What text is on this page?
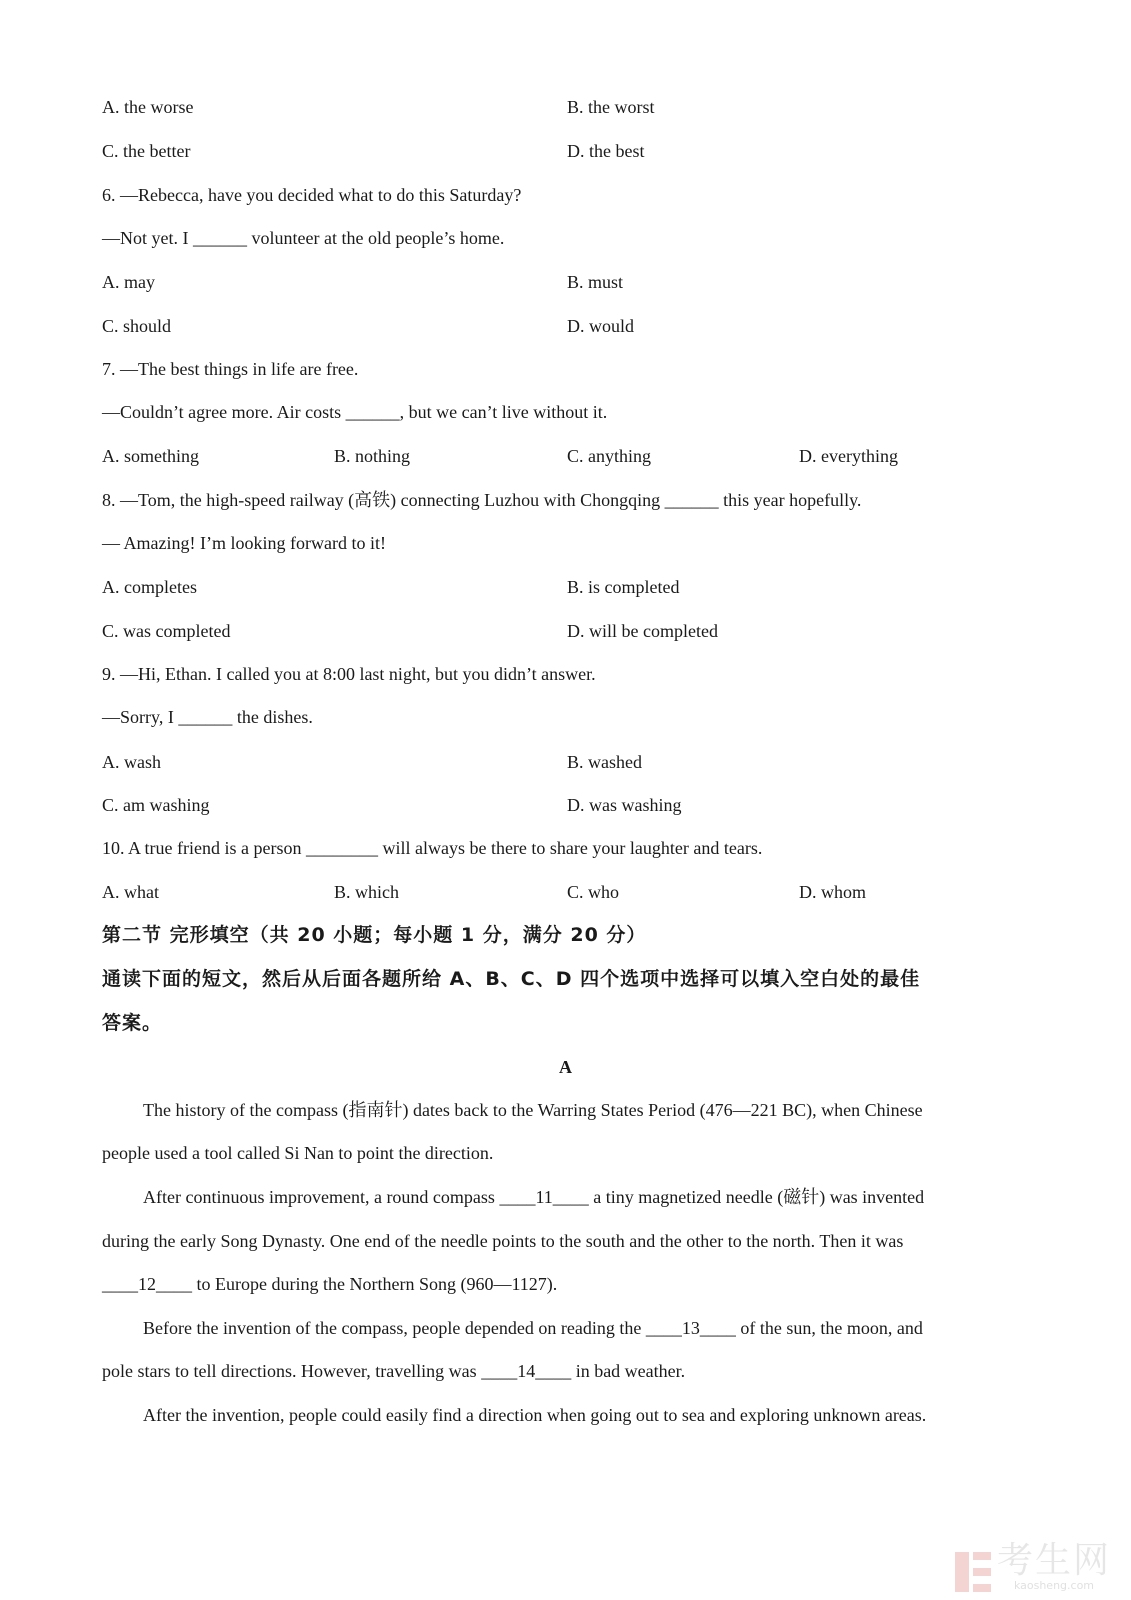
A. the worse	B. the worst
C. the better	D. the best
6. —Rebecca, have you decided what to do this Saturday?
—Not yet. I ______ volunteer at the old people’s home.
A. may	B. must
C. should	D. would
7. —The best things in life are free.
—Couldn’t agree more. Air costs ______, but we can’t live without it.
A. something	B. nothing	C. anything	D. everything
8. —Tom, the high-speed railway (高铁) connecting Luzhou with Chongqing ______ this year hopefully.
— Amazing! I’m looking forward to it!
A. completes	B. is completed
C. was completed	D. will be completed
9. —Hi, Ethan. I called you at 8:00 last night, but you didn’t answer.
—Sorry, I ______ the dishes.
A. wash	B. washed
C. am washing	D. was washing
10. A true friend is a person ________ will always be there to share your laughter and tears.
A. what	B. which	C. who	D. whom
第二节 完形填空（共 20 小题；每小题 1 分，满分 20 分）
通读下面的短文，然后从后面各题所给 A、B、C、D 四个选项中选择可以填入空白处的最佳
答案。
A
The history of the compass (指南针) dates back to the Warring States Period (476—221 BC), when Chinese
people used a tool called Si Nan to point the direction.
After continuous improvement, a round compass ____11____ a tiny magnetized needle (磁针) was invented
during the early Song Dynasty. One end of the needle points to the south and the other to the north. Then it was
____12____ to Europe during the Northern Song (960—1127).
Before the invention of the compass, people depended on reading the ____13____ of the sun, the moon, and
pole stars to tell directions. However, travelling was ____14____ in bad weather.
After the invention, people could easily find a direction when going out to sea and exploring unknown areas.
考生网
kaosheng.com
